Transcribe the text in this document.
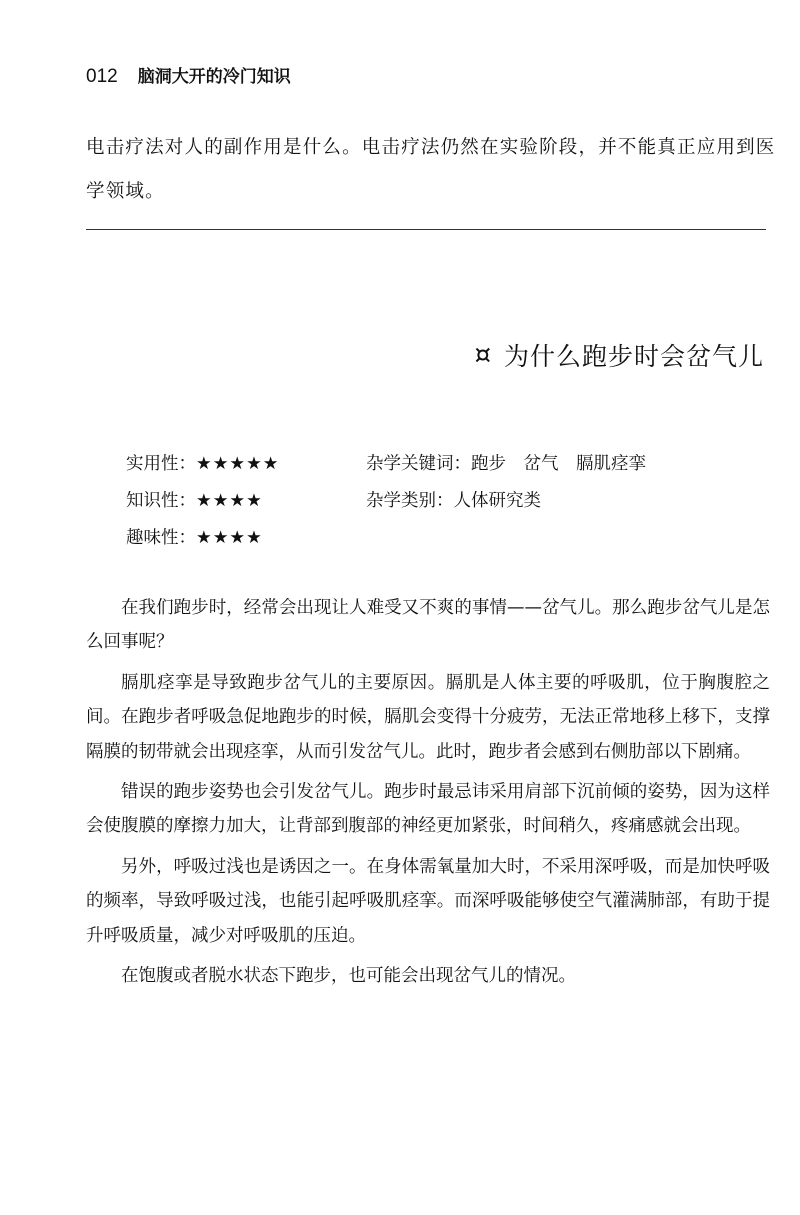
012 脑洞大开的冷门知识

电击疗法对人的副作用是什么。电击疗法仍然在实验阶段，并不能真正应用到医学领域。

¤ 为什么跑步时会岔气儿
实用性：★★★★★	杂学关键词：跑步　岔气　膈肌痉挛
知识性：★★★★	杂学类别：人体研究类
趣味性：★★★★

在我们跑步时，经常会出现让人难受又不爽的事情——岔气儿。那么跑步岔气儿是怎么回事呢？

膈肌痉挛是导致跑步岔气儿的主要原因。膈肌是人体主要的呼吸肌，位于胸腹腔之间。在跑步者呼吸急促地跑步的时候，膈肌会变得十分疲劳，无法正常地移上移下，支撑隔膜的韧带就会出现痉挛，从而引发岔气儿。此时，跑步者会感到右侧肋部以下剧痛。

错误的跑步姿势也会引发岔气儿。跑步时最忌讳采用肩部下沉前倾的姿势，因为这样会使腹膜的摩擦力加大，让背部到腹部的神经更加紧张，时间稍久，疼痛感就会出现。

另外，呼吸过浅也是诱因之一。在身体需氧量加大时，不采用深呼吸，而是加快呼吸的频率，导致呼吸过浅，也能引起呼吸肌痉挛。而深呼吸能够使空气灌满肺部，有助于提升呼吸质量，减少对呼吸肌的压迫。

在饱腹或者脱水状态下跑步，也可能会出现岔气儿的情况。
